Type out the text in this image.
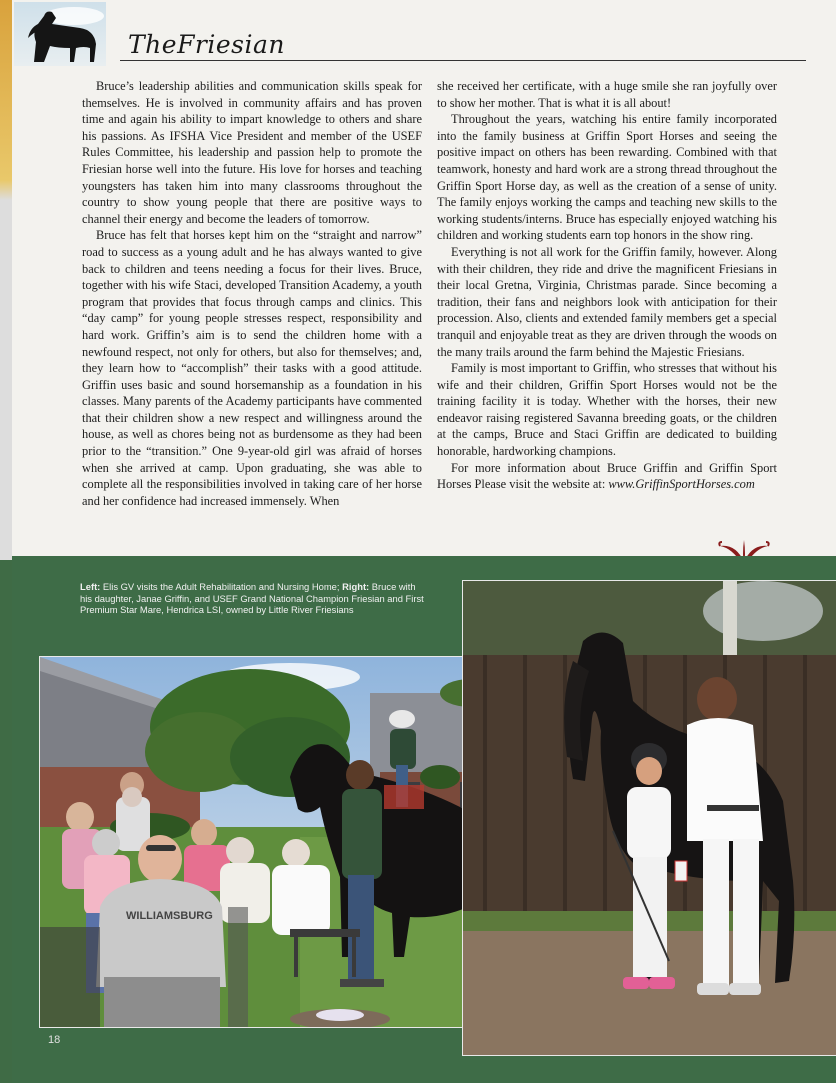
TheFriesian

Bruce’s leadership abilities and communication skills speak for themselves. He is involved in community affairs and has proven time and again his ability to impart knowledge to others and share his passions. As IFSHA Vice President and member of the USEF Rules Committee, his leadership and passion help to promote the Friesian horse well into the future. His love for horses and teaching youngsters has taken him into many classrooms throughout the country to show young people that there are positive ways to channel their energy and become the leaders of tomorrow.

Bruce has felt that horses kept him on the “straight and narrow” road to success as a young adult and he has always wanted to give back to children and teens needing a focus for their lives. Bruce, together with his wife Staci, developed Transition Academy, a youth program that provides that focus through camps and clinics. This “day camp” for young people stresses respect, responsibility and hard work. Griffin’s aim is to send the children home with a newfound respect, not only for others, but also for themselves; and, they learn how to “accomplish” their tasks with a good attitude. Griffin uses basic and sound horsemanship as a foundation in his classes. Many parents of the Academy participants have commented that their children show a new respect and willingness around the house, as well as chores being not as burdensome as they had been prior to the “transition.” One 9-year-old girl was afraid of horses when she arrived at camp. Upon graduating, she was able to complete all the responsibilities involved in taking care of her horse and her confidence had increased immensely. When

she received her certificate, with a huge smile she ran joyfully over to show her mother. That is what it is all about!

Throughout the years, watching his entire family incorporated into the family business at Griffin Sport Horses and seeing the positive impact on others has been rewarding. Combined with that teamwork, honesty and hard work are a strong thread throughout the Griffin Sport Horse day, as well as the creation of a sense of unity. The family enjoys working the camps and teaching new skills to the working students/interns. Bruce has especially enjoyed watching his children and working students earn top honors in the show ring.

Everything is not all work for the Griffin family, however. Along with their children, they ride and drive the magnificent Friesians in their local Gretna, Virginia, Christmas parade. Since becoming a tradition, their fans and neighbors look with anticipation for their procession. Also, clients and extended family members get a special tranquil and enjoyable treat as they are driven through the woods on the many trails around the farm behind the Majestic Friesians.

Family is most important to Griffin, who stresses that without his wife and their children, Griffin Sport Horses would not be the training facility it is today. Whether with the horses, their new endeavor raising registered Savanna breeding goats, or the children at the camps, Bruce and Staci Griffin are dedicated to building honorable, hardworking champions.

For more information about Bruce Griffin and Griffin Sport Horses Please visit the website at: www.GriffinSportHorses.com

Left: Elis GV visits the Adult Rehabilitation and Nursing Home; Right: Bruce with his daughter, Janae Griffin, and USEF Grand National Champion Friesian and First Premium Star Mare, Hendrica LSI, owned by Little River Friesians
WILLIAMSBURG
18
